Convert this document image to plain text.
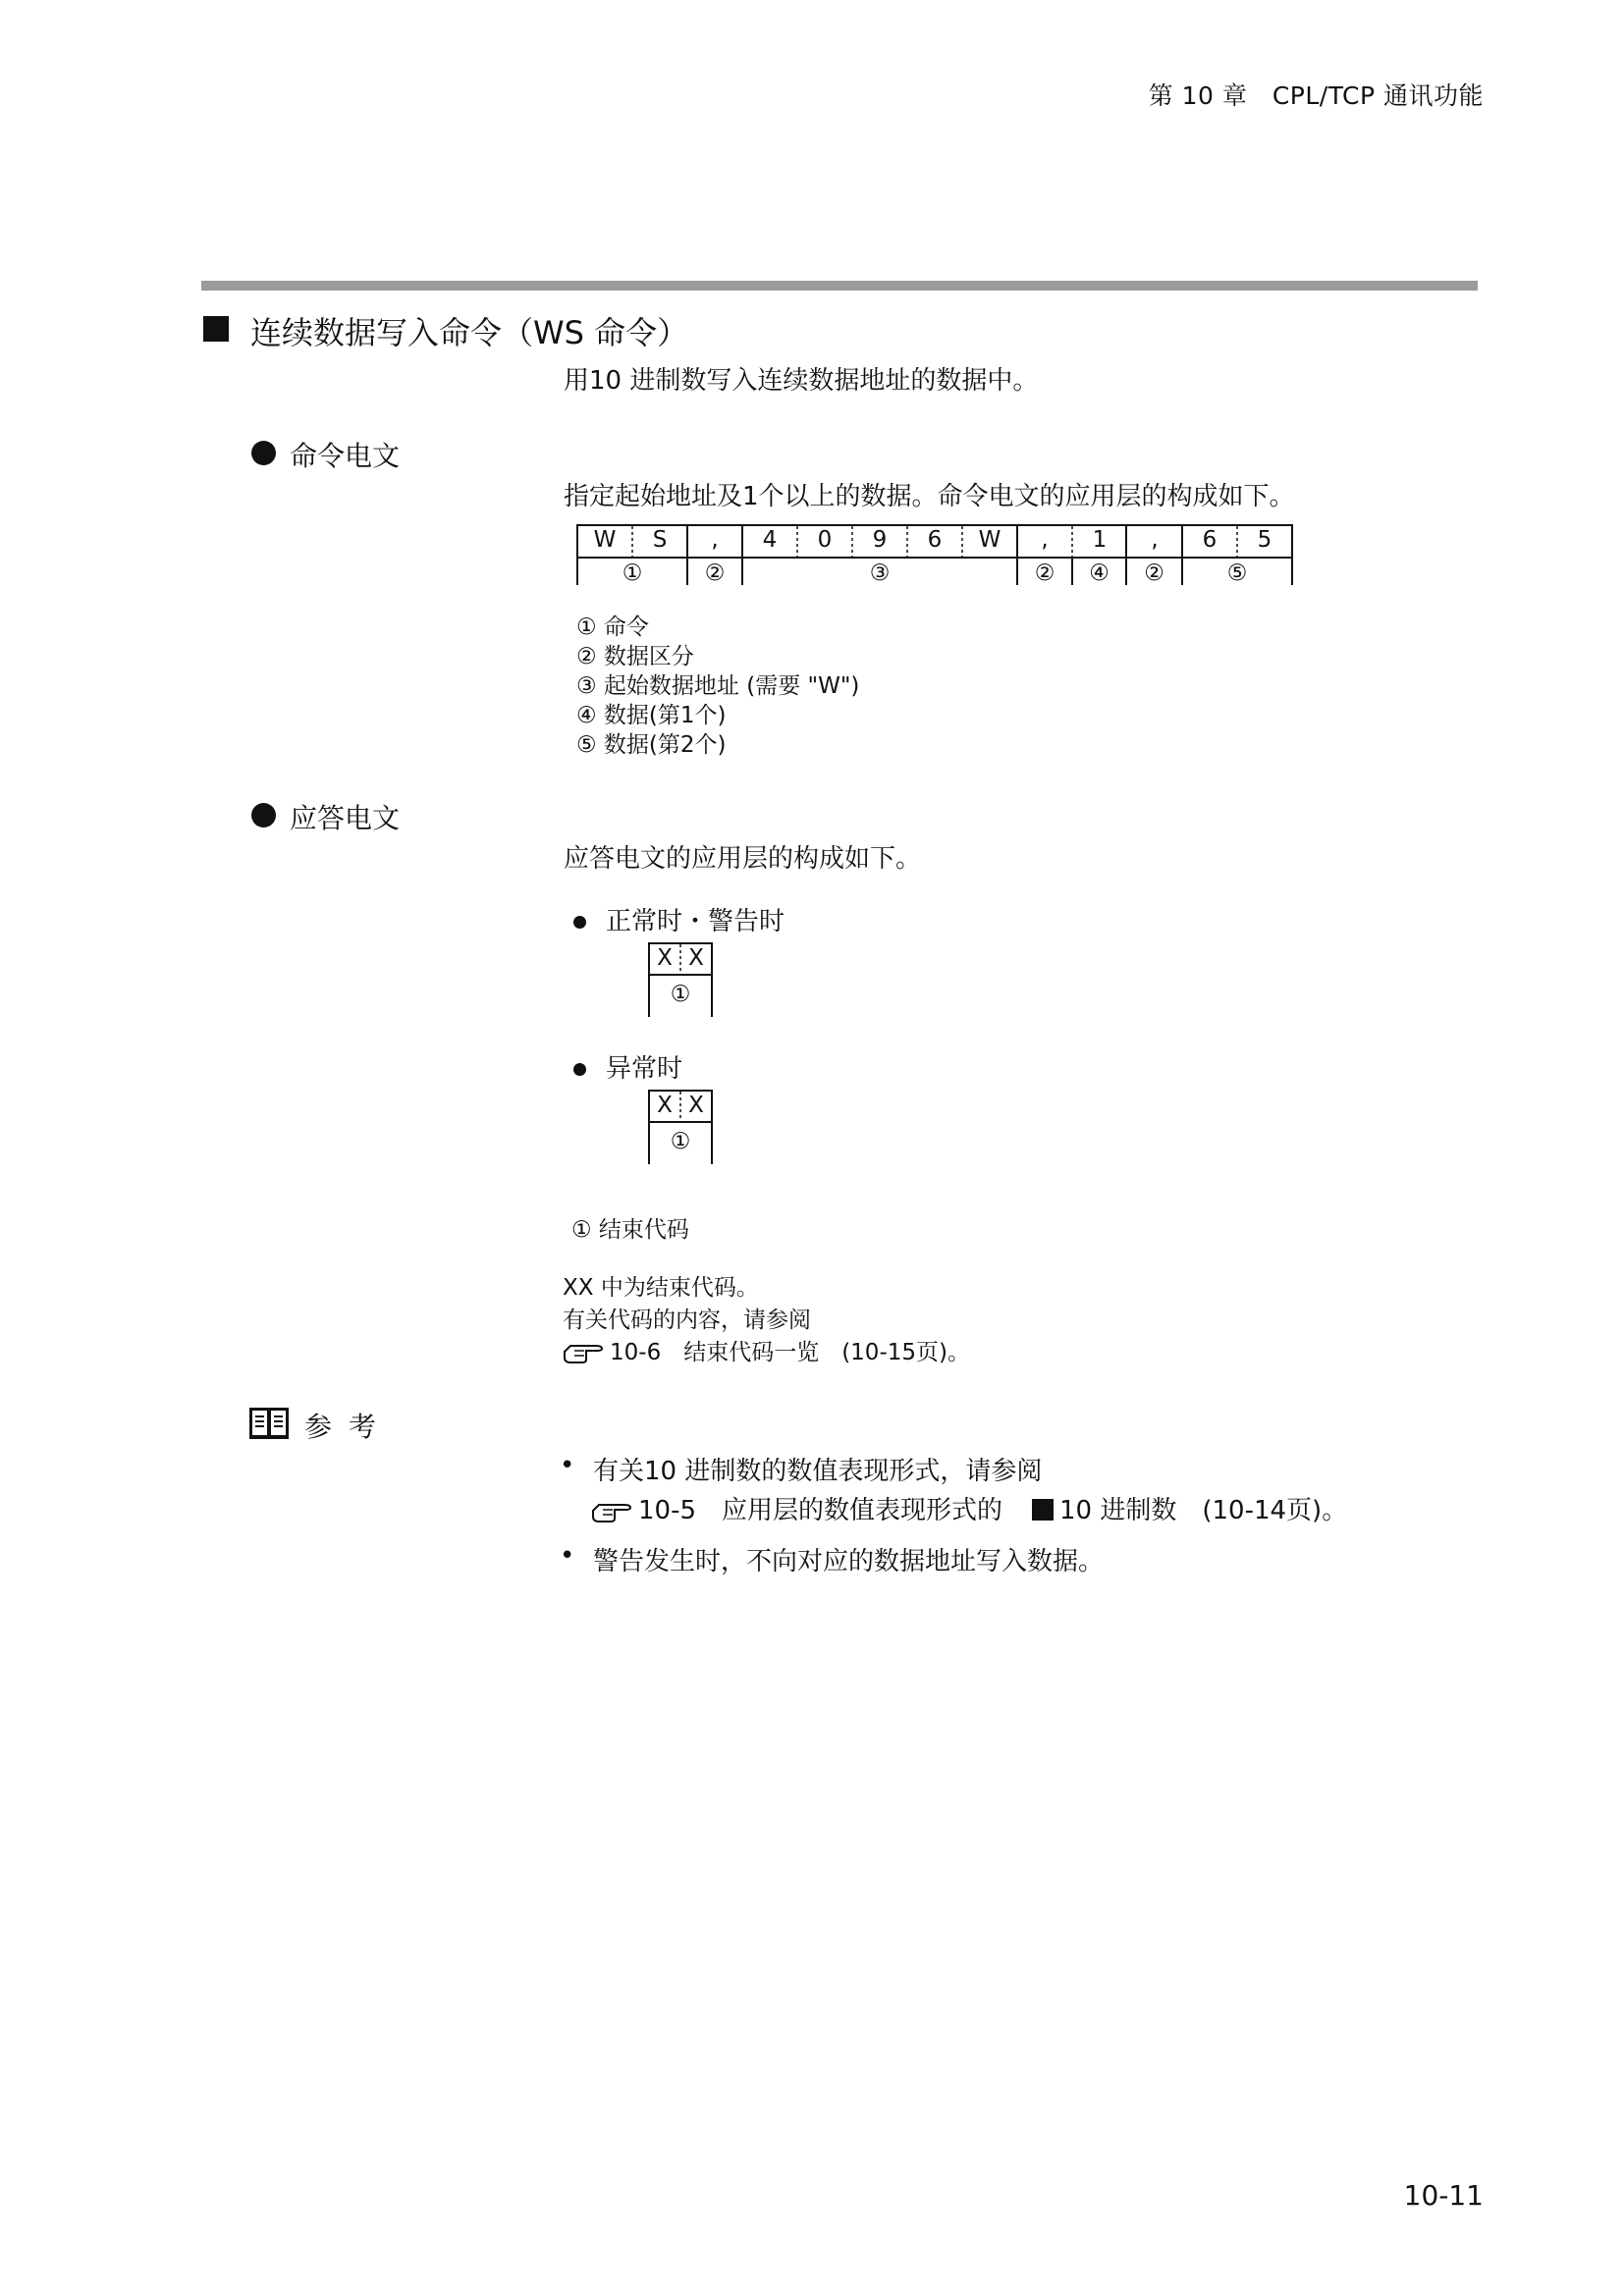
第 10 章　CPL/TCP 通讯功能
连续数据写入命令（WS 命令）
用10 进制数写入连续数据地址的数据中。
命令电文
指定起始地址及1个以上的数据。命令电文的应用层的构成如下。
W	S	,	4	0	9	6	W	,	1	,	6	5
①	②	③	②	④	②	⑤
① 命令
② 数据区分
③ 起始数据地址 (需要 "W")
④ 数据(第1个)
⑤ 数据(第2个)
应答电文
应答电文的应用层的构成如下。
正常时・警告时
X X
①
异常时
X X
①
① 结束代码
XX 中为结束代码。
有关代码的内容，请参阅
10-6　结束代码一览　(10-15页)。
参 考
• 有关10 进制数的数值表现形式，请参阅
10-5　应用层的数值表现形式的 10 进制数　(10-14页)。
• 警告发生时，不向对应的数据地址写入数据。
10-11
